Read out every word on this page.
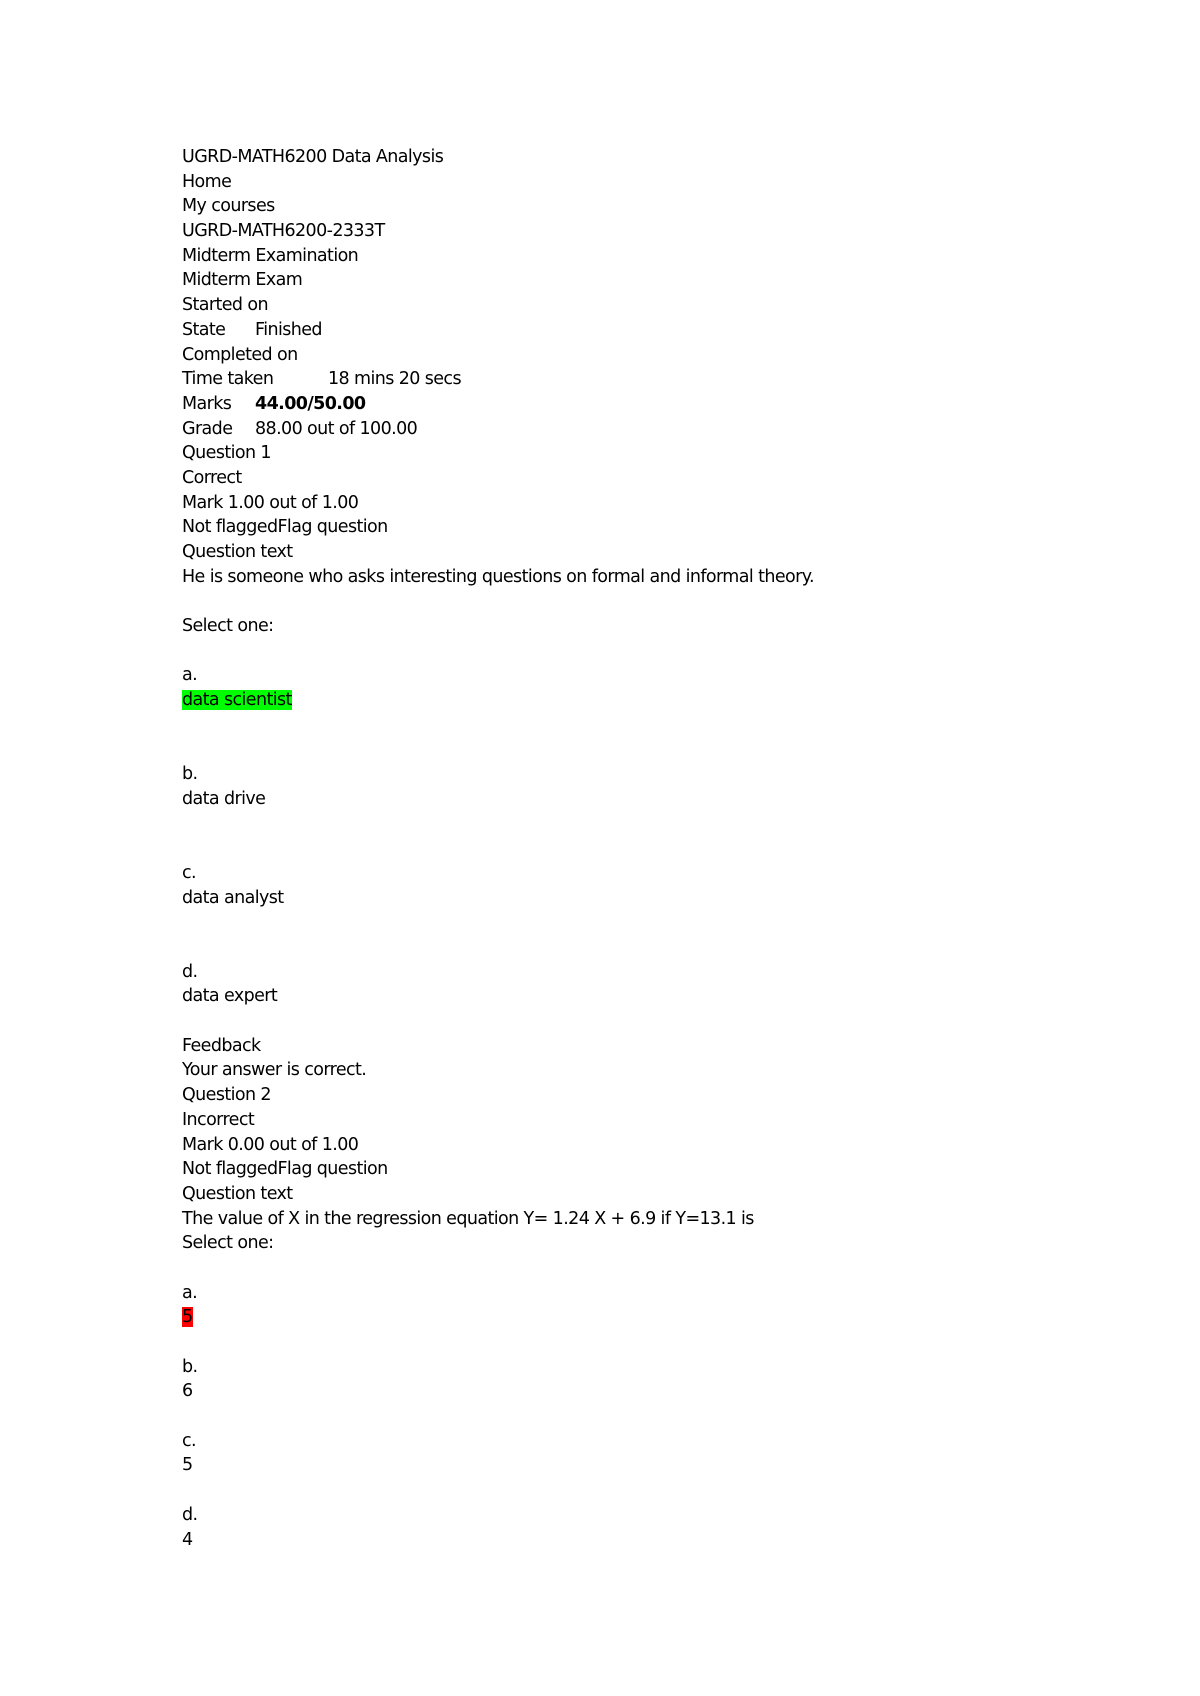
UGRD-MATH6200 Data Analysis
Home
My courses
UGRD-MATH6200-2333T
Midterm Examination
Midterm Exam
Started on
State Finished
Completed on
Time taken	18 mins 20 secs
Marks 44.00/50.00
Grade 88.00 out of 100.00
Question 1
Correct
Mark 1.00 out of 1.00
Not flaggedFlag question
Question text
He is someone who asks interesting questions on formal and informal theory.
Select one:
a.
data scientist
b.
data drive
c.
data analyst
d.
data expert
Feedback
Your answer is correct.
Question 2
Incorrect
Mark 0.00 out of 1.00
Not flaggedFlag question
Question text
The value of X in the regression equation Y= 1.24 X + 6.9 if Y=13.1 is
Select one:
a.
5
b.
6
c.
5
d.
4
